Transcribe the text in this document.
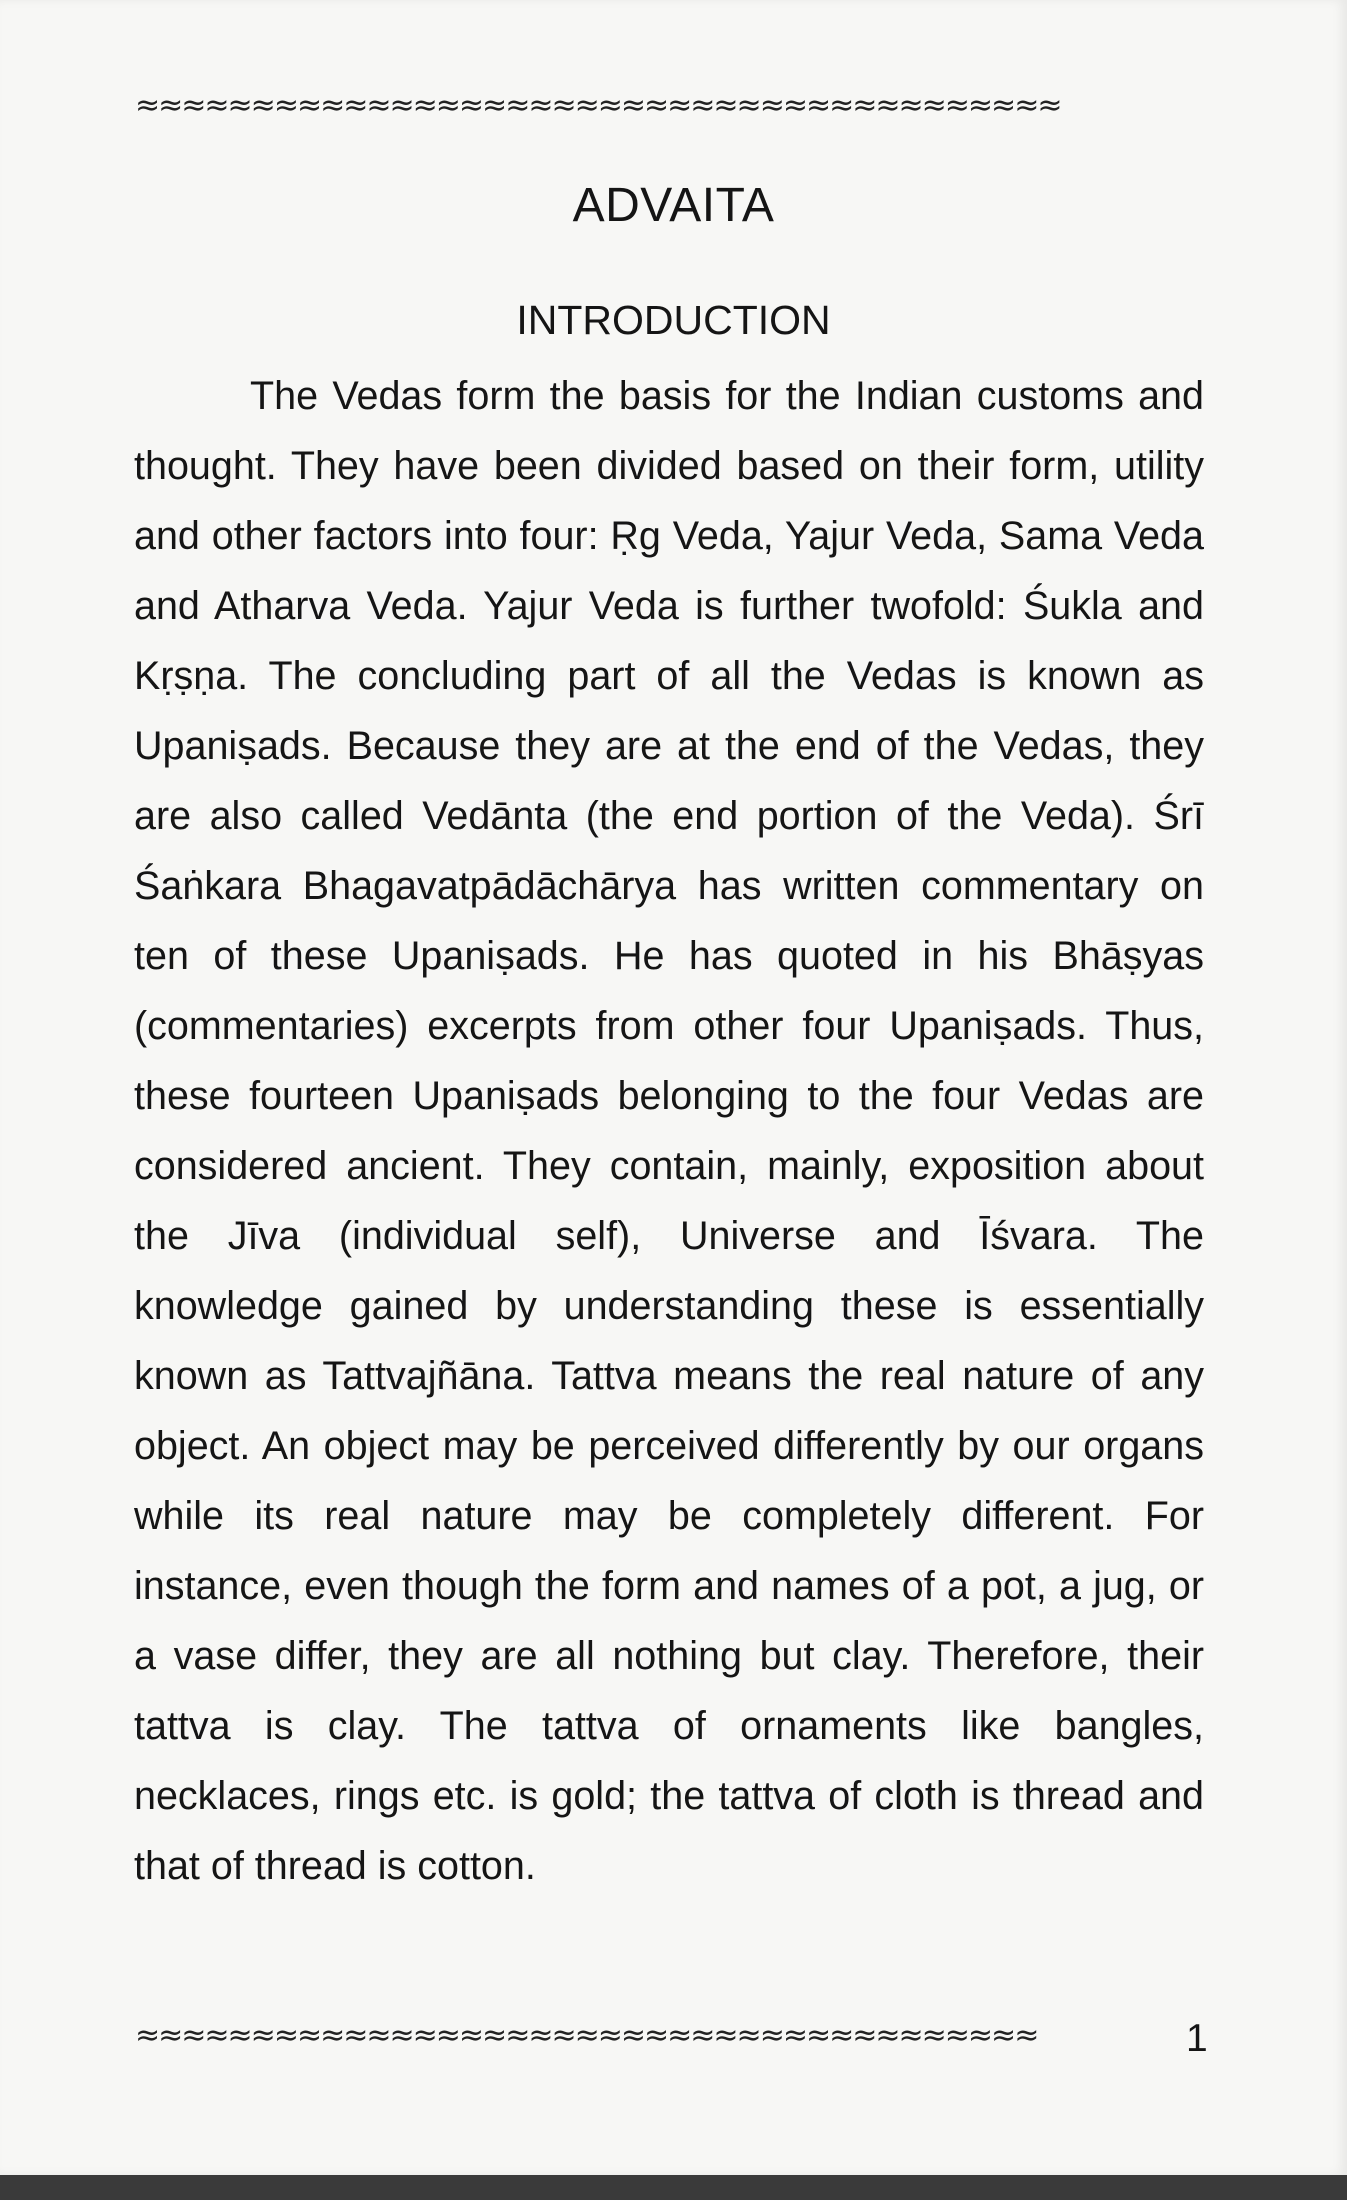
≈≈≈≈≈≈≈≈≈≈≈≈≈≈≈≈≈≈≈≈≈≈≈≈≈≈≈≈≈≈≈≈≈≈≈≈≈≈≈≈
ADVAITA
INTRODUCTION

The Vedas form the basis for the Indian customs and thought. They have been divided based on their form, utility and other factors into four: Ṛg Veda, Yajur Veda, Sama Veda and Atharva Veda. Yajur Veda is further twofold: Śukla and Kṛṣṇa. The concluding part of all the Vedas is known as Upaniṣads. Because they are at the end of the Vedas, they are also called Vedānta (the end portion of the Veda). Śrī Śaṅkara Bhagavatpādāchārya has written commentary on ten of these Upaniṣads. He has quoted in his Bhāṣyas (commentaries) excerpts from other four Upaniṣads. Thus, these fourteen Upaniṣads belonging to the four Vedas are considered ancient. They contain, mainly, exposition about the Jīva (individual self), Universe and Īśvara. The knowledge gained by understanding these is essentially known as Tattvajñāna. Tattva means the real nature of any object. An object may be perceived differently by our organs while its real nature may be completely different. For instance, even though the form and names of a pot, a jug, or a vase differ, they are all nothing but clay. Therefore, their tattva is clay. The tattva of ornaments like bangles, necklaces, rings etc. is gold; the tattva of cloth is thread and that of thread is cotton.

≈≈≈≈≈≈≈≈≈≈≈≈≈≈≈≈≈≈≈≈≈≈≈≈≈≈≈≈≈≈≈≈≈≈≈≈≈≈≈	1
